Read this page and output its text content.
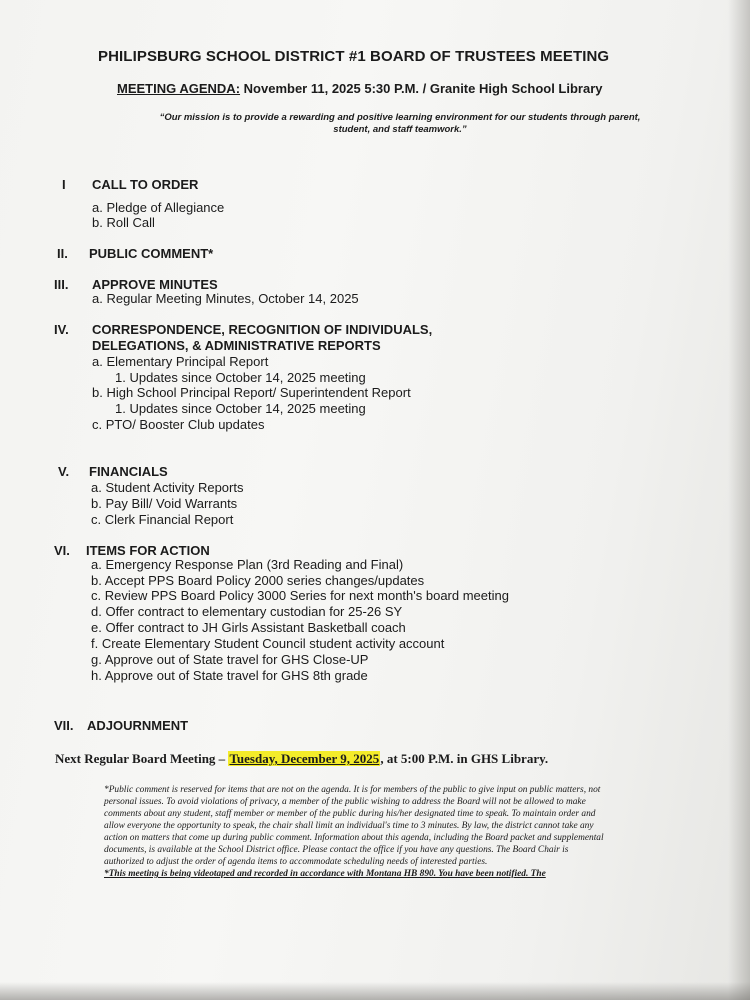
PHILIPSBURG SCHOOL DISTRICT #1 BOARD OF TRUSTEES MEETING
MEETING AGENDA: November 11, 2025 5:30 P.M. / Granite High School Library
“Our mission is to provide a rewarding and positive learning environment for our students through parent,
student, and staff teamwork.”
I CALL TO ORDER
a. Pledge of Allegiance
b. Roll Call
II. PUBLIC COMMENT*
III. APPROVE MINUTES
a. Regular Meeting Minutes, October 14, 2025
IV. CORRESPONDENCE, RECOGNITION OF INDIVIDUALS,
DELEGATIONS, & ADMINISTRATIVE REPORTS
a. Elementary Principal Report
1. Updates since October 14, 2025 meeting
b. High School Principal Report/ Superintendent Report
1. Updates since October 14, 2025 meeting
c. PTO/ Booster Club updates
V. FINANCIALS
a. Student Activity Reports
b. Pay Bill/ Void Warrants
c. Clerk Financial Report
VI. ITEMS FOR ACTION
a. Emergency Response Plan (3rd Reading and Final)
b. Accept PPS Board Policy 2000 series changes/updates
c. Review PPS Board Policy 3000 Series for next month's board meeting
d. Offer contract to elementary custodian for 25-26 SY
e. Offer contract to JH Girls Assistant Basketball coach
f. Create Elementary Student Council student activity account
g. Approve out of State travel for GHS Close-UP
h. Approve out of State travel for GHS 8th grade
VII. ADJOURNMENT
Next Regular Board Meeting – Tuesday, December 9, 2025, at 5:00 P.M. in GHS Library.
*Public comment is reserved for items that are not on the agenda. It is for members of the public to give input on public matters, not
personal issues. To avoid violations of privacy, a member of the public wishing to address the Board will not be allowed to make
comments about any student, staff member or member of the public during his/her designated time to speak. To maintain order and
allow everyone the opportunity to speak, the chair shall limit an individual's time to 3 minutes. By law, the district cannot take any
action on matters that come up during public comment. Information about this agenda, including the Board packet and supplemental
documents, is available at the School District office. Please contact the office if you have any questions. The Board Chair is
authorized to adjust the order of agenda items to accommodate scheduling needs of interested parties.
*This meeting is being videotaped and recorded in accordance with Montana HB 890. You have been notified. The
